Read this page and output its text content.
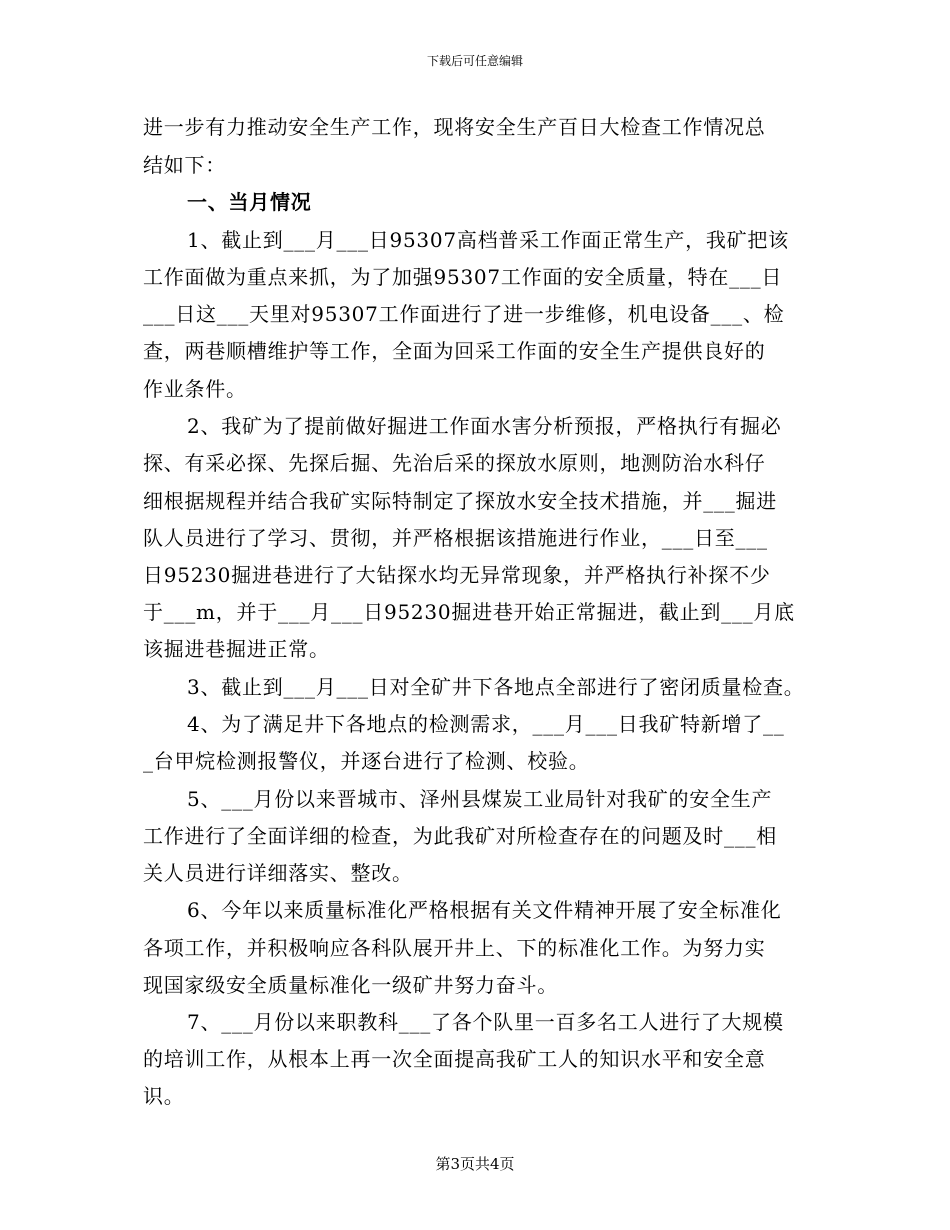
下载后可任意编辑
进一步有力推动安全生产工作，现将安全生产百日大检查工作情况总
结如下：
一、当月情况
1、截止到___月___日95307高档普采工作面正常生产，我矿把该
工作面做为重点来抓，为了加强95307工作面的安全质量，特在___日
___日这___天里对95307工作面进行了进一步维修，机电设备___、检
查，两巷顺槽维护等工作，全面为回采工作面的安全生产提供良好的
作业条件。
2、我矿为了提前做好掘进工作面水害分析预报，严格执行有掘必
探、有采必探、先探后掘、先治后采的探放水原则，地测防治水科仔
细根据规程并结合我矿实际特制定了探放水安全技术措施，并___掘进
队人员进行了学习、贯彻，并严格根据该措施进行作业，___日至___
日95230掘进巷进行了大钻探水均无异常现象，并严格执行补探不少
于___m，并于___月___日95230掘进巷开始正常掘进，截止到___月底
该掘进巷掘进正常。
3、截止到___月___日对全矿井下各地点全部进行了密闭质量检查。
4、为了满足井下各地点的检测需求，___月___日我矿特新增了__
_台甲烷检测报警仪，并逐台进行了检测、校验。
5、___月份以来晋城市、泽州县煤炭工业局针对我矿的安全生产
工作进行了全面详细的检查，为此我矿对所检查存在的问题及时___相
关人员进行详细落实、整改。
6、今年以来质量标准化严格根据有关文件精神开展了安全标准化
各项工作，并积极响应各科队展开井上、下的标准化工作。为努力实
现国家级安全质量标准化一级矿井努力奋斗。
7、___月份以来职教科___了各个队里一百多名工人进行了大规模
的培训工作，从根本上再一次全面提高我矿工人的知识水平和安全意
识。
第3页共4页
